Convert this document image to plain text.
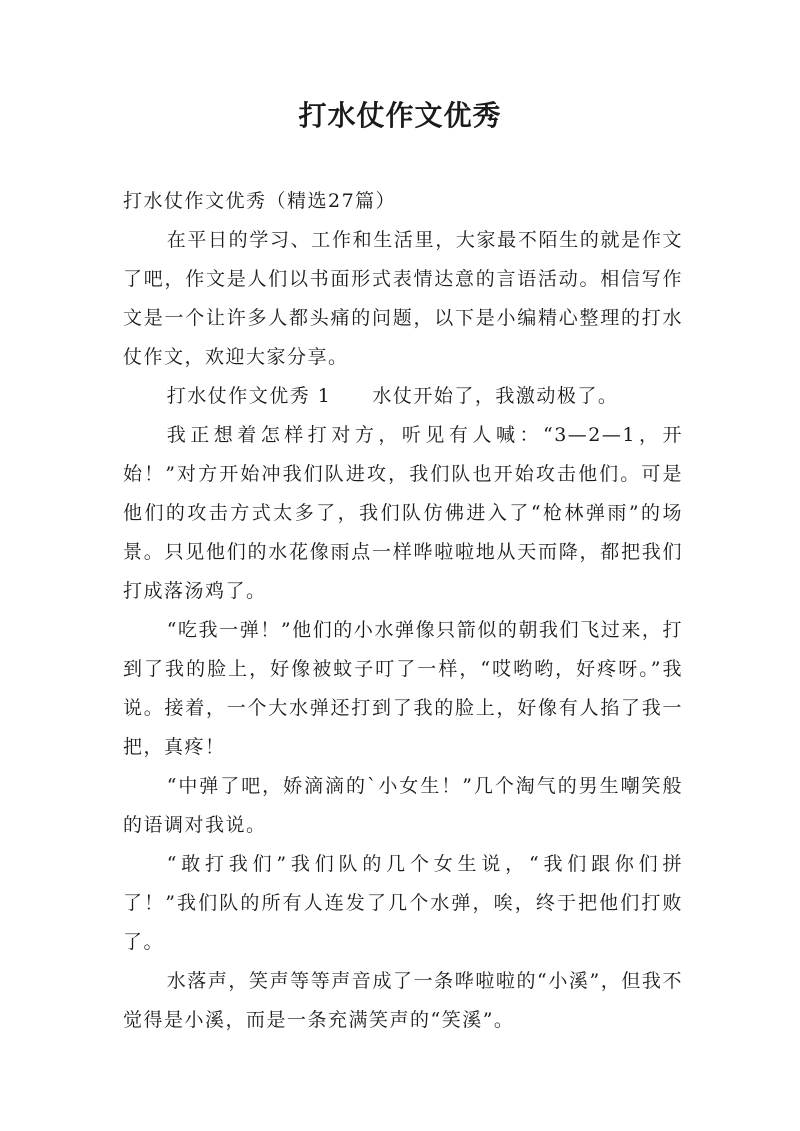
打水仗作文优秀

打水仗作文优秀（精选27篇）

在平日的学习、工作和生活里，大家最不陌生的就是作文了吧，作文是人们以书面形式表情达意的言语活动。相信写作文是一个让许多人都头痛的问题，以下是小编精心整理的打水仗作文，欢迎大家分享。

打水仗作文优秀 1　　水仗开始了，我激动极了。

我正想着怎样打对方，听见有人喊：“3—2—1，开始！”对方开始冲我们队进攻，我们队也开始攻击他们。可是他们的攻击方式太多了，我们队仿佛进入了“枪林弹雨”的场景。只见他们的水花像雨点一样哗啦啦地从天而降，都把我们打成落汤鸡了。

“吃我一弹！”他们的小水弹像只箭似的朝我们飞过来，打到了我的脸上，好像被蚊子叮了一样，“哎哟哟，好疼呀。”我说。接着，一个大水弹还打到了我的脸上，好像有人掐了我一把，真疼！

“中弹了吧，娇滴滴的`小女生！”几个淘气的男生嘲笑般的语调对我说。

“敢打我们”我们队的几个女生说，“我们跟你们拼了！”我们队的所有人连发了几个水弹，唉，终于把他们打败了。

水落声，笑声等等声音成了一条哗啦啦的“小溪”，但我不觉得是小溪，而是一条充满笑声的“笑溪”。
